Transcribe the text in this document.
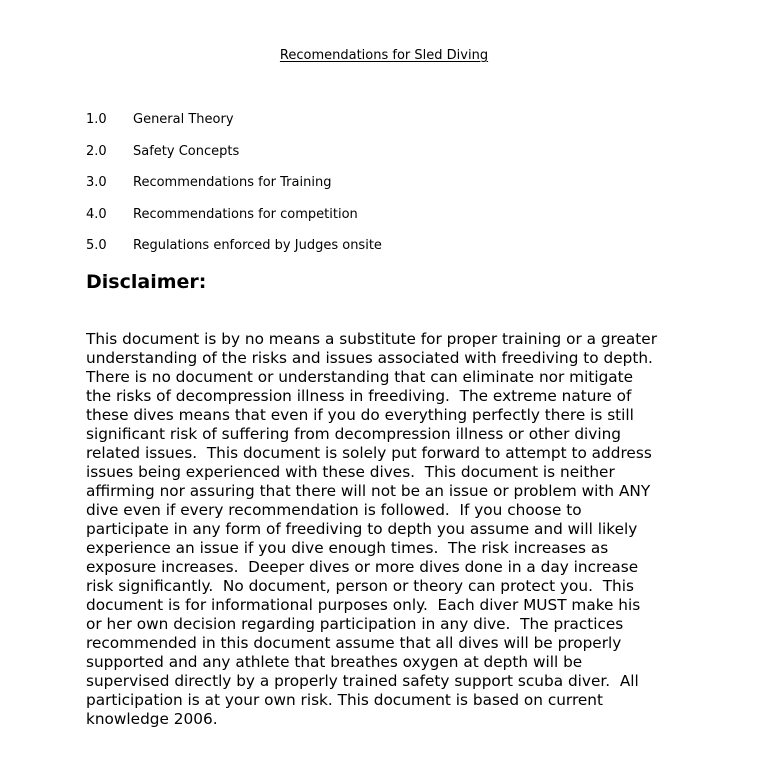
Recomendations for Sled Diving
1.0 General Theory
2.0 Safety Concepts
3.0 Recommendations for Training
4.0 Recommendations for competition
5.0 Regulations enforced by Judges onsite
Disclaimer:

This document is by no means a substitute for proper training or a greater
understanding of the risks and issues associated with freediving to depth.
There is no document or understanding that can eliminate nor mitigate
the risks of decompression illness in freediving.  The extreme nature of
these dives means that even if you do everything perfectly there is still
significant risk of suffering from decompression illness or other diving
related issues.  This document is solely put forward to attempt to address
issues being experienced with these dives.  This document is neither
affirming nor assuring that there will not be an issue or problem with ANY
dive even if every recommendation is followed.  If you choose to
participate in any form of freediving to depth you assume and will likely
experience an issue if you dive enough times.  The risk increases as
exposure increases.  Deeper dives or more dives done in a day increase
risk significantly.  No document, person or theory can protect you.  This
document is for informational purposes only.  Each diver MUST make his
or her own decision regarding participation in any dive.  The practices
recommended in this document assume that all dives will be properly
supported and any athlete that breathes oxygen at depth will be
supervised directly by a properly trained safety support scuba diver.  All
participation is at your own risk. This document is based on current
knowledge 2006.
